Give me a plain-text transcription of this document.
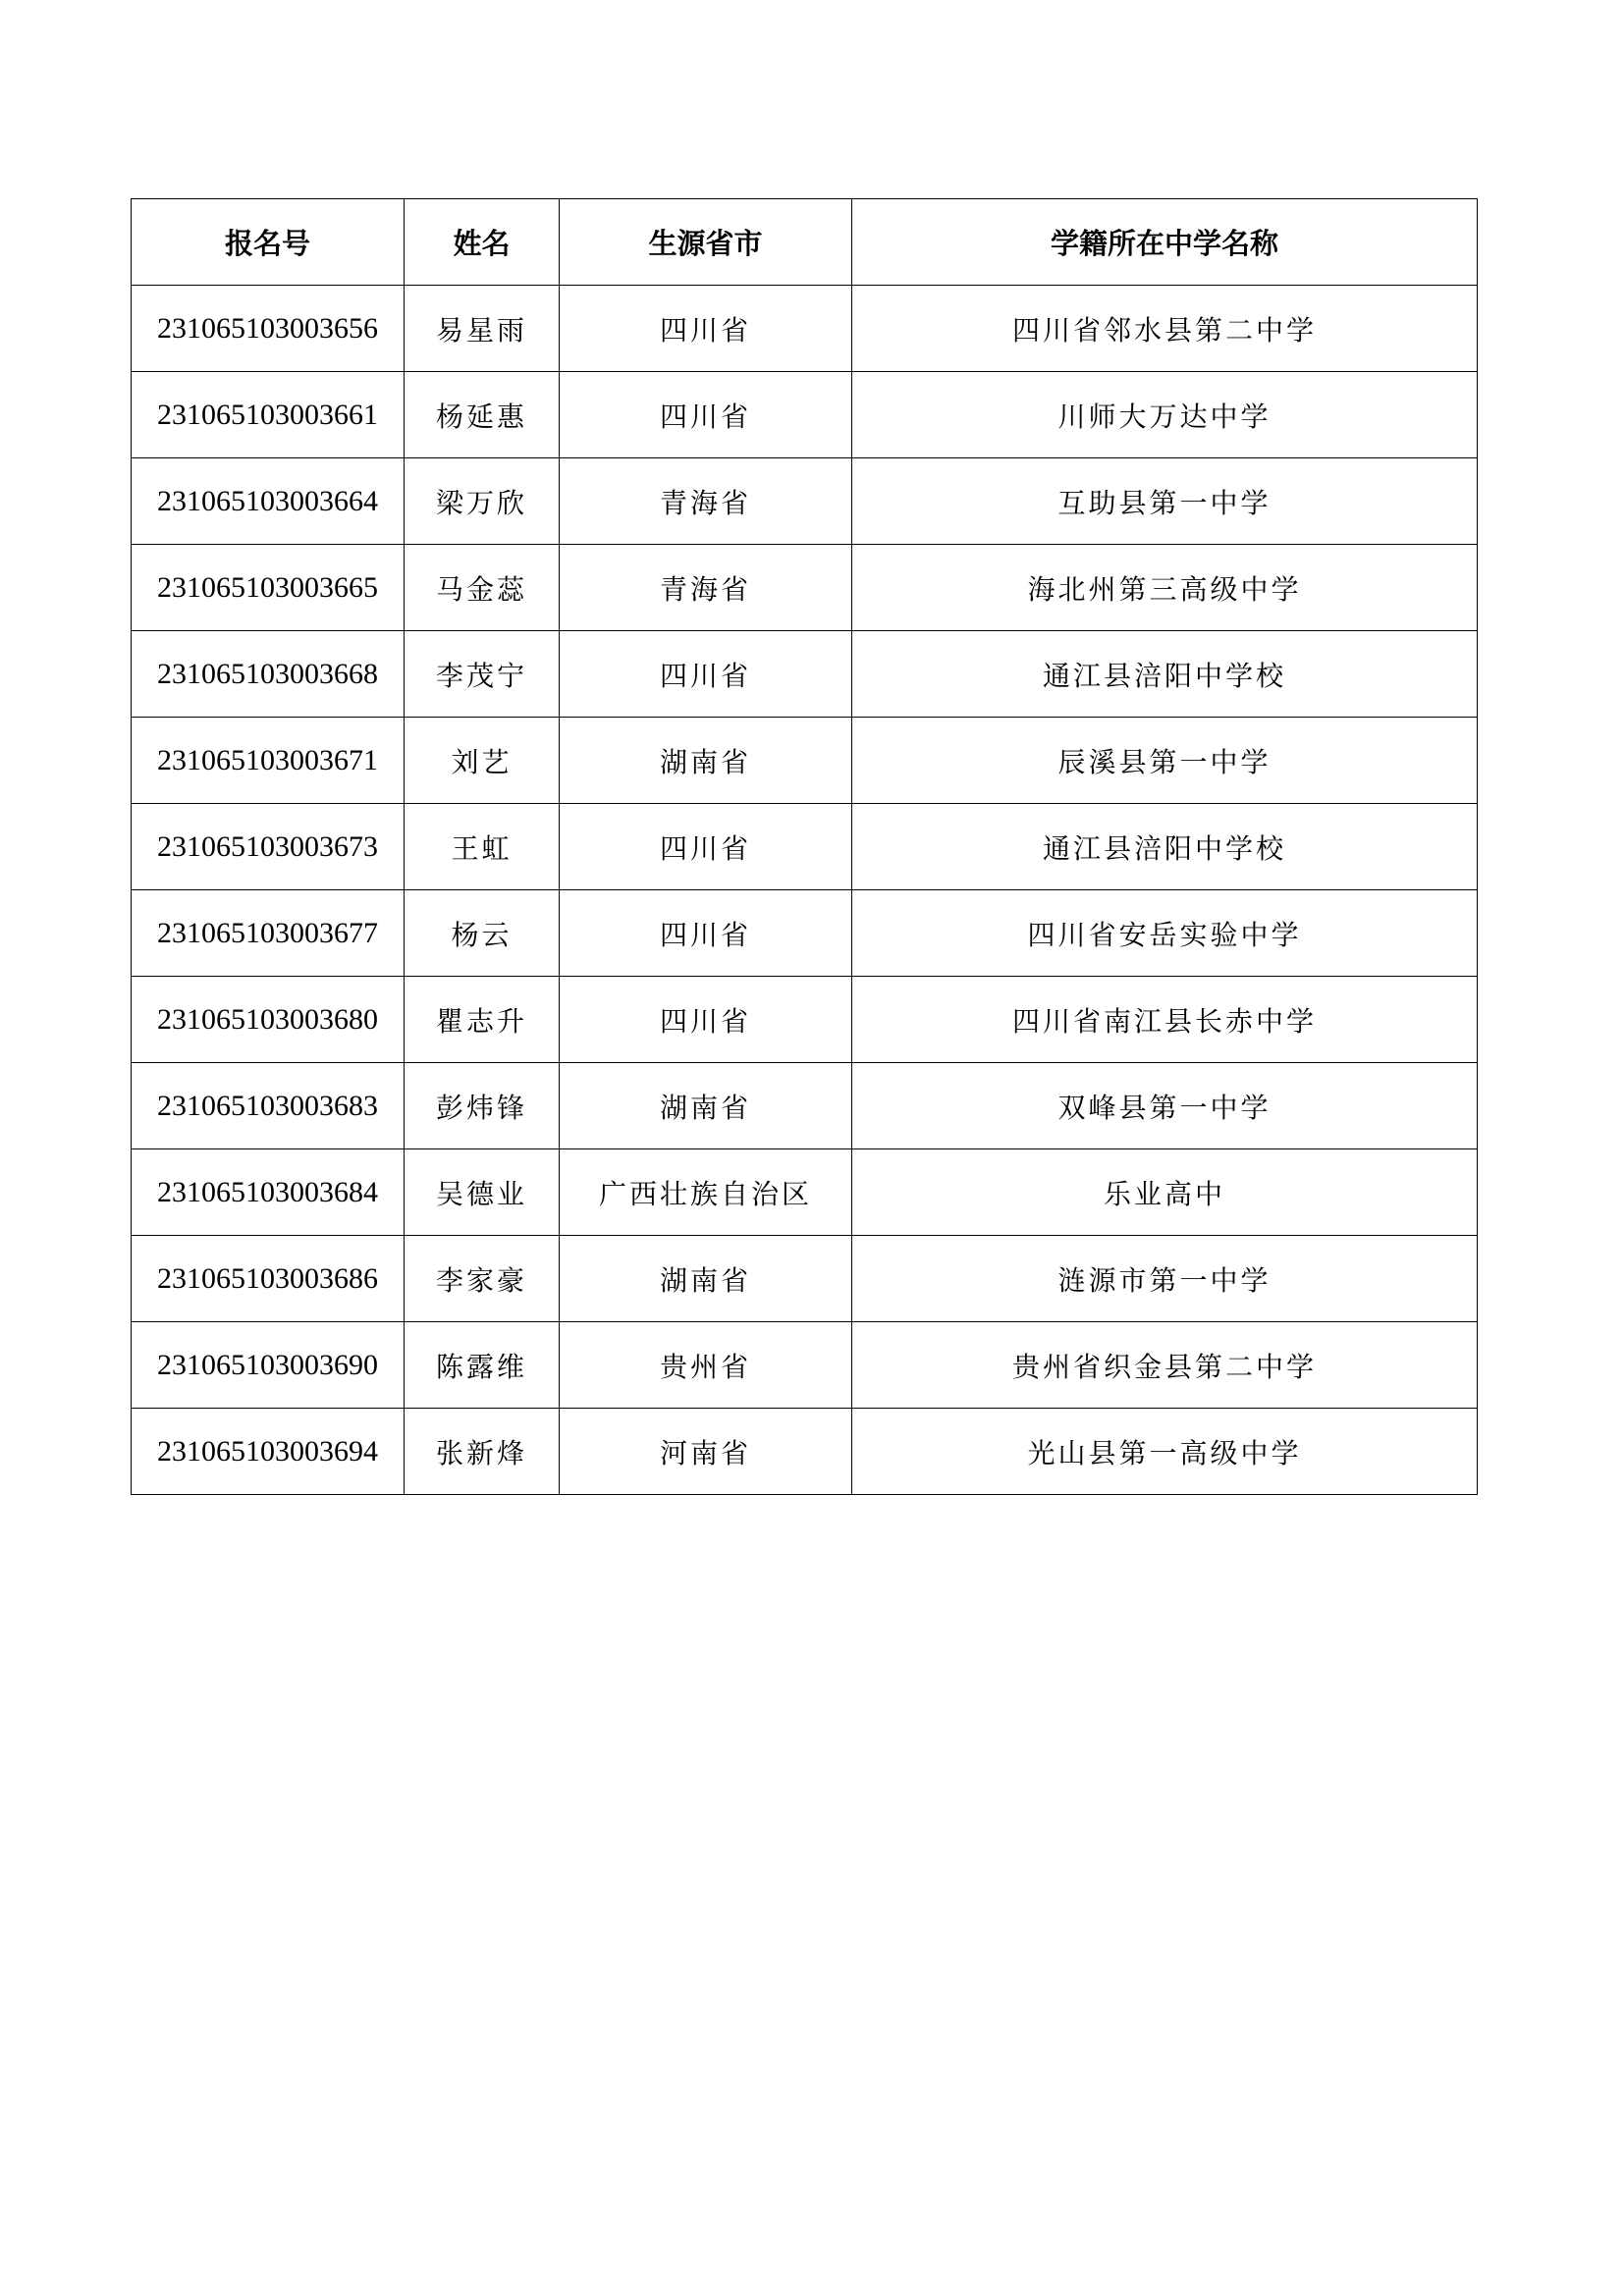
报名号	姓名	生源省市	学籍所在中学名称
231065103003656	易星雨	四川省	四川省邻水县第二中学
231065103003661	杨延惠	四川省	川师大万达中学
231065103003664	梁万欣	青海省	互助县第一中学
231065103003665	马金蕊	青海省	海北州第三高级中学
231065103003668	李茂宁	四川省	通江县涪阳中学校
231065103003671	刘艺	湖南省	辰溪县第一中学
231065103003673	王虹	四川省	通江县涪阳中学校
231065103003677	杨云	四川省	四川省安岳实验中学
231065103003680	瞿志升	四川省	四川省南江县长赤中学
231065103003683	彭炜锋	湖南省	双峰县第一中学
231065103003684	吴德业	广西壮族自治区	乐业高中
231065103003686	李家豪	湖南省	涟源市第一中学
231065103003690	陈露维	贵州省	贵州省织金县第二中学
231065103003694	张新烽	河南省	光山县第一高级中学
